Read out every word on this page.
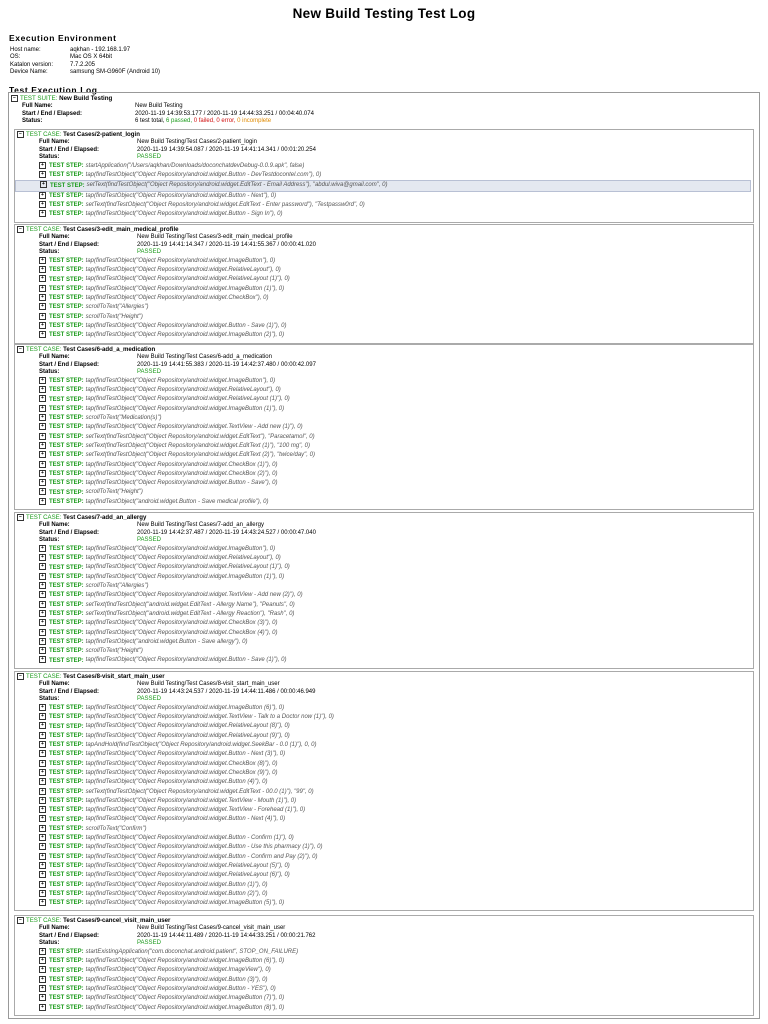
New Build Testing Test Log
Execution Environment
Host name:	aqkhan - 192.168.1.97
OS:	Mac OS X 64bit
Katalon version:	7.7.2.205
Device Name:	samsung SM-G960F (Android 10)
Test Execution Log
− TEST SUITE: New Build Testing
Full Name:	New Build Testing
Start / End / Elapsed:	2020-11-19 14:39:53.177 / 2020-11-19 14:44:33.251 / 00:04:40.074
Status:	6 test total, 6 passed, 0 failed, 0 error, 0 incomplete
− TEST CASE: Test Cases/2-patient_login
Full Name:	New Build Testing/Test Cases/2-patient_login
Start / End / Elapsed:	2020-11-19 14:39:54.087 / 2020-11-19 14:41:14.341 / 00:01:20.254
Status:	PASSED
+ TEST STEP: startApplication("/Users/aqkhan/Downloads/doconchatdevDebug-0.0.9.apk", false)
+ TEST STEP: tap(findTestObject("Object Repository/android.widget.Button - DevTestdocontel.com"), 0)
+ TEST STEP: setText(findTestObject("Object Repository/android.widget.EditText - Email Address"), "abdul.wiva@gmail.com", 0)
+ TEST STEP: tap(findTestObject("Object Repository/android.widget.Button - Next"), 0)
+ TEST STEP: setText(findTestObject("Object Repository/android.widget.EditText - Enter password"), "Testpassw0rd", 0)
+ TEST STEP: tap(findTestObject("Object Repository/android.widget.Button - Sign In"), 0)
− TEST CASE: Test Cases/3-edit_main_medical_profile
Full Name:	New Build Testing/Test Cases/3-edit_main_medical_profile
Start / End / Elapsed:	2020-11-19 14:41:14.347 / 2020-11-19 14:41:55.367 / 00:00:41.020
Status:	PASSED
+ TEST STEP: tap(findTestObject("Object Repository/android.widget.ImageButton"), 0)
+ TEST STEP: tap(findTestObject("Object Repository/android.widget.RelativeLayout"), 0)
+ TEST STEP: tap(findTestObject("Object Repository/android.widget.RelativeLayout (1)"), 0)
+ TEST STEP: tap(findTestObject("Object Repository/android.widget.ImageButton (1)"), 0)
+ TEST STEP: tap(findTestObject("Object Repository/android.widget.CheckBox"), 0)
+ TEST STEP: scrollToText("Allergies")
+ TEST STEP: scrollToText("Height")
+ TEST STEP: tap(findTestObject("Object Repository/android.widget.Button - Save (1)"), 0)
+ TEST STEP: tap(findTestObject("Object Repository/android.widget.ImageButton (2)"), 0)
− TEST CASE: Test Cases/6-add_a_medication
Full Name:	New Build Testing/Test Cases/6-add_a_medication
Start / End / Elapsed:	2020-11-19 14:41:55.383 / 2020-11-19 14:42:37.480 / 00:00:42.097
Status:	PASSED
+ TEST STEP: tap(findTestObject("Object Repository/android.widget.ImageButton"), 0)
+ TEST STEP: tap(findTestObject("Object Repository/android.widget.RelativeLayout"), 0)
+ TEST STEP: tap(findTestObject("Object Repository/android.widget.RelativeLayout (1)"), 0)
+ TEST STEP: tap(findTestObject("Object Repository/android.widget.ImageButton (1)"), 0)
+ TEST STEP: scrollToText("Medication(s)")
+ TEST STEP: tap(findTestObject("Object Repository/android.widget.TextView - Add new (1)"), 0)
+ TEST STEP: setText(findTestObject("Object Repository/android.widget.EditText"), "Paracetamol", 0)
+ TEST STEP: setText(findTestObject("Object Repository/android.widget.EditText (1)"), "100 mg", 0)
+ TEST STEP: setText(findTestObject("Object Repository/android.widget.EditText (2)"), "twice/day", 0)
+ TEST STEP: tap(findTestObject("Object Repository/android.widget.CheckBox (1)"), 0)
+ TEST STEP: tap(findTestObject("Object Repository/android.widget.CheckBox (2)"), 0)
+ TEST STEP: tap(findTestObject("Object Repository/android.widget.Button - Save"), 0)
+ TEST STEP: scrollToText("Height")
+ TEST STEP: tap(findTestObject("android.widget.Button - Save medical profile"), 0)
− TEST CASE: Test Cases/7-add_an_allergy
Full Name:	New Build Testing/Test Cases/7-add_an_allergy
Start / End / Elapsed:	2020-11-19 14:42:37.487 / 2020-11-19 14:43:24.527 / 00:00:47.040
Status:	PASSED
+ TEST STEP: tap(findTestObject("Object Repository/android.widget.ImageButton"), 0)
+ TEST STEP: tap(findTestObject("Object Repository/android.widget.RelativeLayout"), 0)
+ TEST STEP: tap(findTestObject("Object Repository/android.widget.RelativeLayout (1)"), 0)
+ TEST STEP: tap(findTestObject("Object Repository/android.widget.ImageButton (1)"), 0)
+ TEST STEP: scrollToText("Allergies")
+ TEST STEP: tap(findTestObject("Object Repository/android.widget.TextView - Add new (2)"), 0)
+ TEST STEP: setText(findTestObject("android.widget.EditText - Allergy Name"), "Peanuts", 0)
+ TEST STEP: setText(findTestObject("android.widget.EditText - Allergy Reaction"), "Rash", 0)
+ TEST STEP: tap(findTestObject("Object Repository/android.widget.CheckBox (3)"), 0)
+ TEST STEP: tap(findTestObject("Object Repository/android.widget.CheckBox (4)"), 0)
+ TEST STEP: tap(findTestObject("android.widget.Button - Save allergy"), 0)
+ TEST STEP: scrollToText("Height")
+ TEST STEP: tap(findTestObject("Object Repository/android.widget.Button - Save (1)"), 0)
− TEST CASE: Test Cases/8-visit_start_main_user
Full Name:	New Build Testing/Test Cases/8-visit_start_main_user
Start / End / Elapsed:	2020-11-19 14:43:24.537 / 2020-11-19 14:44:11.486 / 00:00:46.949
Status:	PASSED
+ TEST STEP: tap(findTestObject("Object Repository/android.widget.ImageButton (6)"), 0)
+ TEST STEP: tap(findTestObject("Object Repository/android.widget.TextView - Talk to a Doctor now (1)"), 0)
+ TEST STEP: tap(findTestObject("Object Repository/android.widget.RelativeLayout (8)"), 0)
+ TEST STEP: tap(findTestObject("Object Repository/android.widget.RelativeLayout (9)"), 0)
+ TEST STEP: tapAndHold(findTestObject("Object Repository/android.widget.SeekBar - 0.0 (1)"), 0, 0)
+ TEST STEP: tap(findTestObject("Object Repository/android.widget.Button - Next (3)"), 0)
+ TEST STEP: tap(findTestObject("Object Repository/android.widget.CheckBox (8)"), 0)
+ TEST STEP: tap(findTestObject("Object Repository/android.widget.CheckBox (9)"), 0)
+ TEST STEP: tap(findTestObject("Object Repository/android.widget.Button (4)"), 0)
+ TEST STEP: setText(findTestObject("Object Repository/android.widget.EditText - 00.0 (1)"), "99", 0)
+ TEST STEP: tap(findTestObject("Object Repository/android.widget.TextView - Mouth (1)"), 0)
+ TEST STEP: tap(findTestObject("Object Repository/android.widget.TextView - Forehead (1)"), 0)
+ TEST STEP: tap(findTestObject("Object Repository/android.widget.Button - Next (4)"), 0)
+ TEST STEP: scrollToText("Confirm")
+ TEST STEP: tap(findTestObject("Object Repository/android.widget.Button - Confirm (1)"), 0)
+ TEST STEP: tap(findTestObject("Object Repository/android.widget.Button - Use this pharmacy (1)"), 0)
+ TEST STEP: tap(findTestObject("Object Repository/android.widget.Button - Confirm and Pay (2)"), 0)
+ TEST STEP: tap(findTestObject("Object Repository/android.widget.RelativeLayout (5)"), 0)
+ TEST STEP: tap(findTestObject("Object Repository/android.widget.RelativeLayout (6)"), 0)
+ TEST STEP: tap(findTestObject("Object Repository/android.widget.Button (1)"), 0)
+ TEST STEP: tap(findTestObject("Object Repository/android.widget.Button (2)"), 0)
+ TEST STEP: tap(findTestObject("Object Repository/android.widget.ImageButton (5)"), 0)
− TEST CASE: Test Cases/9-cancel_visit_main_user
Full Name:	New Build Testing/Test Cases/9-cancel_visit_main_user
Start / End / Elapsed:	2020-11-19 14:44:11.489 / 2020-11-19 14:44:33.251 / 00:00:21.762
Status:	PASSED
+ TEST STEP: startExistingApplication("com.doconchat.android.patient", STOP_ON_FAILURE)
+ TEST STEP: tap(findTestObject("Object Repository/android.widget.ImageButton (6)"), 0)
+ TEST STEP: tap(findTestObject("Object Repository/android.widget.ImageView"), 0)
+ TEST STEP: tap(findTestObject("Object Repository/android.widget.Button (3)"), 0)
+ TEST STEP: tap(findTestObject("Object Repository/android.widget.Button - YES"), 0)
+ TEST STEP: tap(findTestObject("Object Repository/android.widget.ImageButton (7)"), 0)
+ TEST STEP: tap(findTestObject("Object Repository/android.widget.ImageButton (8)"), 0)
